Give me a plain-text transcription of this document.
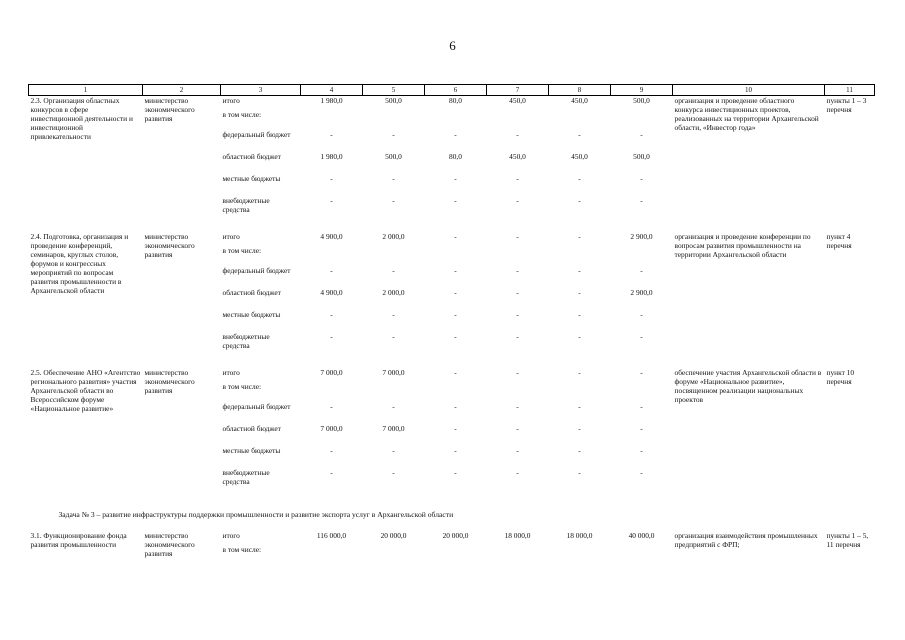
6
1	2	3	4	5	6	7	8	9	10	11
2.3. Организация областных конкурсов в сфере инвестиционной деятельности и инвестиционной привлекательности	министерство экономического развития	итого	1 980,0	500,0	80,0	450,0	450,0	500,0	организация и проведение областного конкурса инвестиционных проектов, реализованных на территории Архангельской области, «Инвестор года»	пункты 1 – 3 перечня
		в том числе:								
		федеральный бюджет	-	-	-	-	-	-		
		областной бюджет	1 980,0	500,0	80,0	450,0	450,0	500,0		
		местные бюджеты	-	-	-	-	-	-		
		внебюджетные средства	-	-	-	-	-	-		

2.4. Подготовка, организация и проведение конференций, семинаров, круглых столов, форумов и конгрессных мероприятий по вопросам развития промышленности в Архангельской области	министерство экономического развития	итого	4 900,0	2 000,0	-	-	-	2 900,0	организация и проведение конференции по вопросам развития промышленности на территории Архангельской области	пункт 4 перечня
		в том числе:								
		федеральный бюджет	-	-	-	-	-	-		
		областной бюджет	4 900,0	2 000,0	-	-	-	2 900,0		
		местные бюджеты	-	-	-	-	-	-		
		внебюджетные средства	-	-	-	-	-	-		

2.5. Обеспечение АНО «Агентство регионального развития» участия Архангельской области во Всероссийском форуме «Национальное развитие»	министерство экономического развития	итого	7 000,0	7 000,0	-	-	-	-	обеспечение участия Архангельской области в форуме «Национальное развитие», посвященном реализации национальных проектов	пункт 10 перечня
		в том числе:								
		федеральный бюджет	-	-	-	-	-	-		
		областной бюджет	7 000,0	7 000,0	-	-	-	-		
		местные бюджеты	-	-	-	-	-	-		
		внебюджетные средства	-	-	-	-	-	-		

Задача № 3 – развитие инфраструктуры поддержки промышленности и развитие экспорта услуг в Архангельской области										
3.1. Функционирование фонда развития промышленности	министерство экономического развития	итого	116 000,0	20 000,0	20 000,0	18 000,0	18 000,0	40 000,0	организация взаимодействия промышленных предприятий с ФРП;	пункты 1 – 5, 11 перечня
		в том числе:								
